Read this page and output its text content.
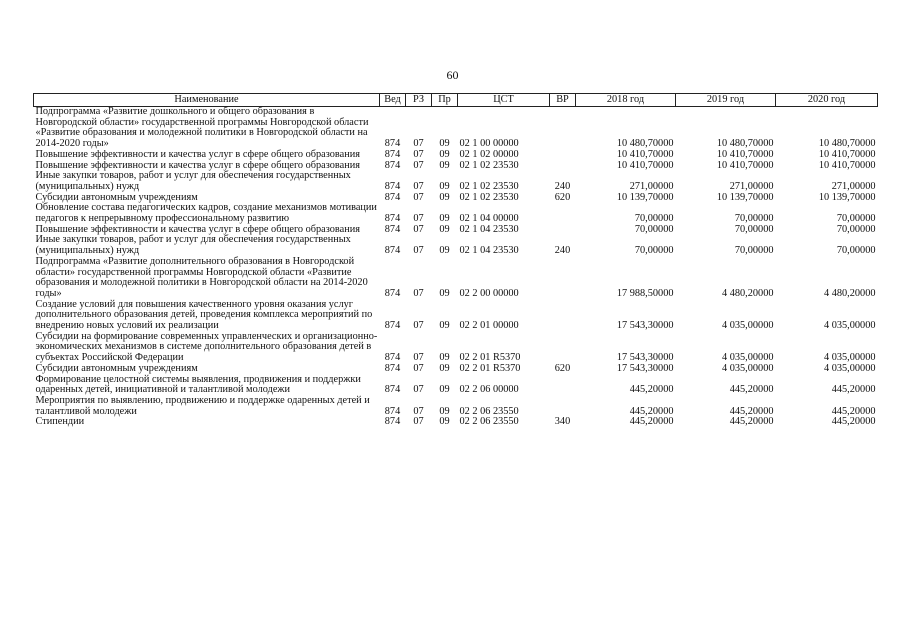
60
Наименование	Вед	РЗ	Пр	ЦСТ	ВР	2018 год	2019 год	2020 год
Подпрограмма «Развитие дошкольного и общего образования в Новгородской области» государственной программы Новгородской области «Развитие образования и молодежной политики в Новгородской области на 2014-2020 годы»	874	07	09	02 1 00 00000		10 480,70000	10 480,70000	10 480,70000
Повышение эффективности и качества услуг в сфере общего образования	874	07	09	02 1 02 00000		10 410,70000	10 410,70000	10 410,70000
Повышение эффективности и качества услуг в сфере общего образования	874	07	09	02 1 02 23530		10 410,70000	10 410,70000	10 410,70000
Иные закупки товаров, работ и услуг для обеспечения государственных (муниципальных) нужд	874	07	09	02 1 02 23530	240	271,00000	271,00000	271,00000
Субсидии автономным учреждениям	874	07	09	02 1 02 23530	620	10 139,70000	10 139,70000	10 139,70000
Обновление состава педагогических кадров, создание механизмов мотивации педагогов к непрерывному профессиональному развитию	874	07	09	02 1 04 00000		70,00000	70,00000	70,00000
Повышение эффективности и качества услуг в сфере общего образования	874	07	09	02 1 04 23530		70,00000	70,00000	70,00000
Иные закупки товаров, работ и услуг для обеспечения государственных (муниципальных) нужд	874	07	09	02 1 04 23530	240	70,00000	70,00000	70,00000
Подпрограмма «Развитие дополнительного образования в Новгородской области» государственной программы Новгородской области «Развитие образования и молодежной политики в Новгородской области на 2014-2020 годы»	874	07	09	02 2 00 00000		17 988,50000	4 480,20000	4 480,20000
Создание условий для повышения качественного уровня оказания услуг дополнительного образования детей, проведения комплекса мероприятий по внедрению новых условий их реализации	874	07	09	02 2 01 00000		17 543,30000	4 035,00000	4 035,00000
Субсидии на формирование современных управленческих и организационно-экономических механизмов в системе дополнительного образования детей в субъектах Российской Федерации	874	07	09	02 2 01 R5370		17 543,30000	4 035,00000	4 035,00000
Субсидии автономным учреждениям	874	07	09	02 2 01 R5370	620	17 543,30000	4 035,00000	4 035,00000
Формирование целостной системы выявления, продвижения и поддержки одаренных детей, инициативной и талантливой молодежи	874	07	09	02 2 06 00000		445,20000	445,20000	445,20000
Мероприятия по выявлению, продвижению и поддержке одаренных детей и талантливой молодежи	874	07	09	02 2 06 23550		445,20000	445,20000	445,20000
Стипендии	874	07	09	02 2 06 23550	340	445,20000	445,20000	445,20000
